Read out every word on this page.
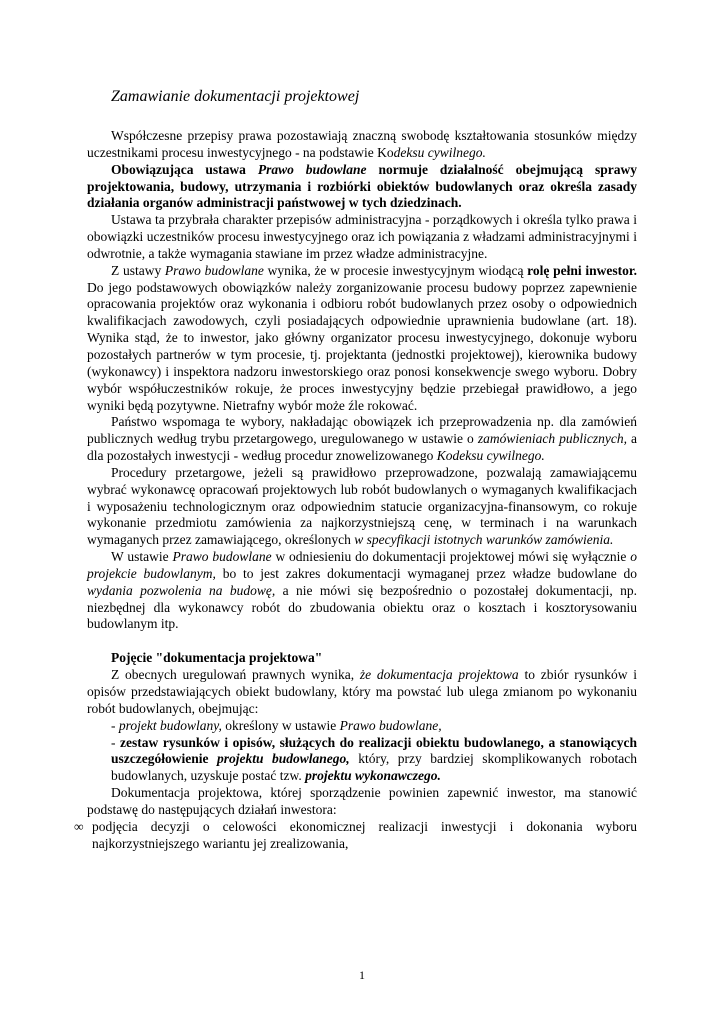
Zamawianie dokumentacji projektowej

Współczesne przepisy prawa pozostawiają znaczną swobodę kształtowania stosunków między uczestnikami procesu inwestycyjnego - na podstawie Kodeksu cywilnego.

Obowiązująca ustawa Prawo budowlane normuje działalność obejmującą sprawy projektowania, budowy, utrzymania i rozbiórki obiektów budowlanych oraz określa zasady działania organów administracji państwowej w tych dziedzinach.

Ustawa ta przybrała charakter przepisów administracyjna - porządkowych i określa tylko prawa i obowiązki uczestników procesu inwestycyjnego oraz ich powiązania z władzami administracyjnymi i odwrotnie, a także wymagania stawiane im przez władze administracyjne.

Z ustawy Prawo budowlane wynika, że w procesie inwestycyjnym wiodącą rolę pełni inwestor. Do jego podstawowych obowiązków należy zorganizowanie procesu budowy poprzez zapewnienie opracowania projektów oraz wykonania i odbioru robót budowlanych przez osoby o odpowiednich kwalifikacjach zawodowych, czyli posiadających odpowiednie uprawnienia budowlane (art. 18). Wynika stąd, że to inwestor, jako główny organizator procesu inwestycyjnego, dokonuje wyboru pozostałych partnerów w tym procesie, tj. projektanta (jednostki projektowej), kierownika budowy (wykonawcy) i inspektora nadzoru inwestorskiego oraz ponosi konsekwencje swego wyboru. Dobry wybór współuczestników rokuje, że proces inwestycyjny będzie przebiegał prawidłowo, a jego wyniki będą pozytywne. Nietrafny wybór może źle rokować.

Państwo wspomaga te wybory, nakładając obowiązek ich przeprowadzenia np. dla zamówień publicznych według trybu przetargowego, uregulowanego w ustawie o zamówieniach publicznych, a dla pozostałych inwestycji - według procedur znowelizowanego Kodeksu cywilnego.

Procedury przetargowe, jeżeli są prawidłowo przeprowadzone, pozwalają zamawiającemu wybrać wykonawcę opracowań projektowych lub robót budowlanych o wymaganych kwalifikacjach i wyposażeniu technologicznym oraz odpowiednim statucie organizacyjna-finansowym, co rokuje wykonanie przedmiotu zamówienia za najkorzystniejszą cenę, w terminach i na warunkach wymaganych przez zamawiającego, określonych w specyfikacji istotnych warunków zamówienia.

W ustawie Prawo budowlane w odniesieniu do dokumentacji projektowej mówi się wyłącznie o projekcie budowlanym, bo to jest zakres dokumentacji wymaganej przez władze budowlane do wydania pozwolenia na budowę, a nie mówi się bezpośrednio o pozostałej dokumentacji, np. niezbędnej dla wykonawcy robót do zbudowania obiektu oraz o kosztach i kosztorysowaniu budowlanym itp.

Pojęcie "dokumentacja projektowa"

Z obecnych uregulowań prawnych wynika, że dokumentacja projektowa to zbiór rysunków i opisów przedstawiających obiekt budowlany, który ma powstać lub ulega zmianom po wykonaniu robót budowlanych, obejmując:

- projekt budowlany, określony w ustawie Prawo budowlane,

- zestaw rysunków i opisów, służących do realizacji obiektu budowlanego, a stanowiących uszczegółowienie projektu budowlanego, który, przy bardziej skomplikowanych robotach budowlanych, uzyskuje postać tzw. projektu wykonawczego.

Dokumentacja projektowa, której sporządzenie powinien zapewnić inwestor, ma stanowić podstawę do następujących działań inwestora:

∞ podjęcia decyzji o celowości ekonomicznej realizacji inwestycji i dokonania wyboru najkorzystniejszego wariantu jej zrealizowania,

1
